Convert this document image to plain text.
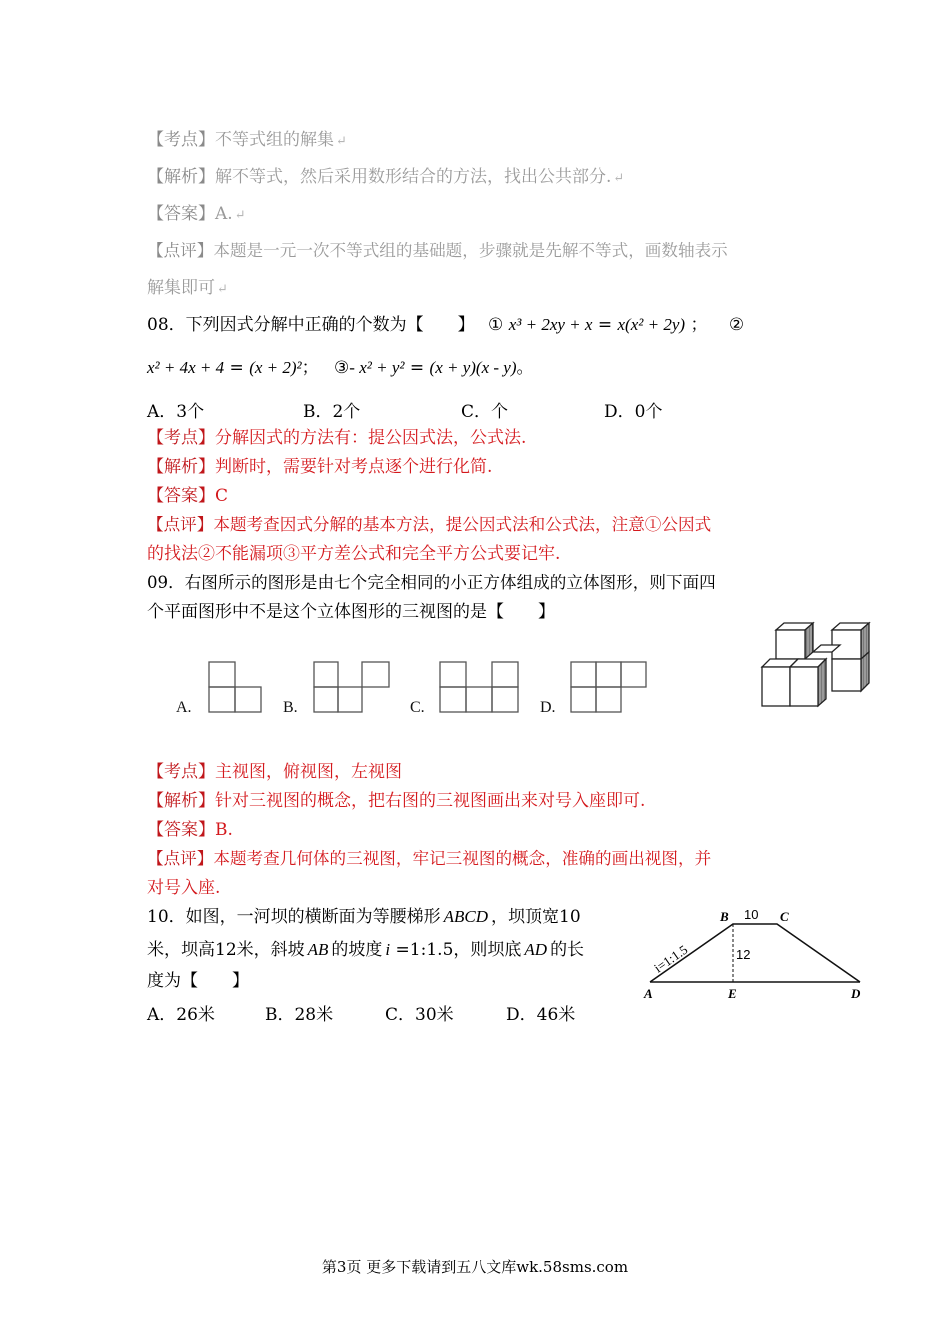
【考点】不等式组的解集 ↵
【解析】解不等式，然后采用数形结合的方法，找出公共部分. ↵
【答案】A. ↵
【点评】本题是一元一次不等式组的基础题，步骤就是先解不等式，画数轴表示
解集即可 ↵
08．下列因式分解中正确的个数为【　　】 ① x³ + 2xy + x = x(x² + 2y) ； ②
x² + 4x + 4 = (x + 2)²； ③- x² + y² = (x + y)(x - y)。
A．3个	B．2个	C．个	D．0个
【考点】分解因式的方法有：提公因式法，公式法.
【解析】判断时，需要针对考点逐个进行化简.
【答案】C
【点评】本题考查因式分解的基本方法，提公因式法和公式法，注意①公因式
的找法②不能漏项③平方差公式和完全平方公式要记牢.
09．右图所示的图形是由七个完全相同的小正方体组成的立体图形，则下面四
个平面图形中不是这个立体图形的三视图的是【　　】
A.	B.	C.	D.
【考点】主视图，俯视图，左视图
【解析】针对三视图的概念，把右图的三视图画出来对号入座即可.
【答案】B.
【点评】本题考查几何体的三视图，牢记三视图的概念，准确的画出视图，并
对号入座.
10．如图，一河坝的横断面为等腰梯形 ABCD ，坝顶宽10
米，坝高12米，斜坡 AB 的坡度 i =1:1.5，则坝底 AD 的长
度为【　　】
A．26米	B．28米	C．30米	D．46米
A
B	C
D
E
10
12
i=1:1.5
第3页 更多下载请到五八文库wk.58sms.com
